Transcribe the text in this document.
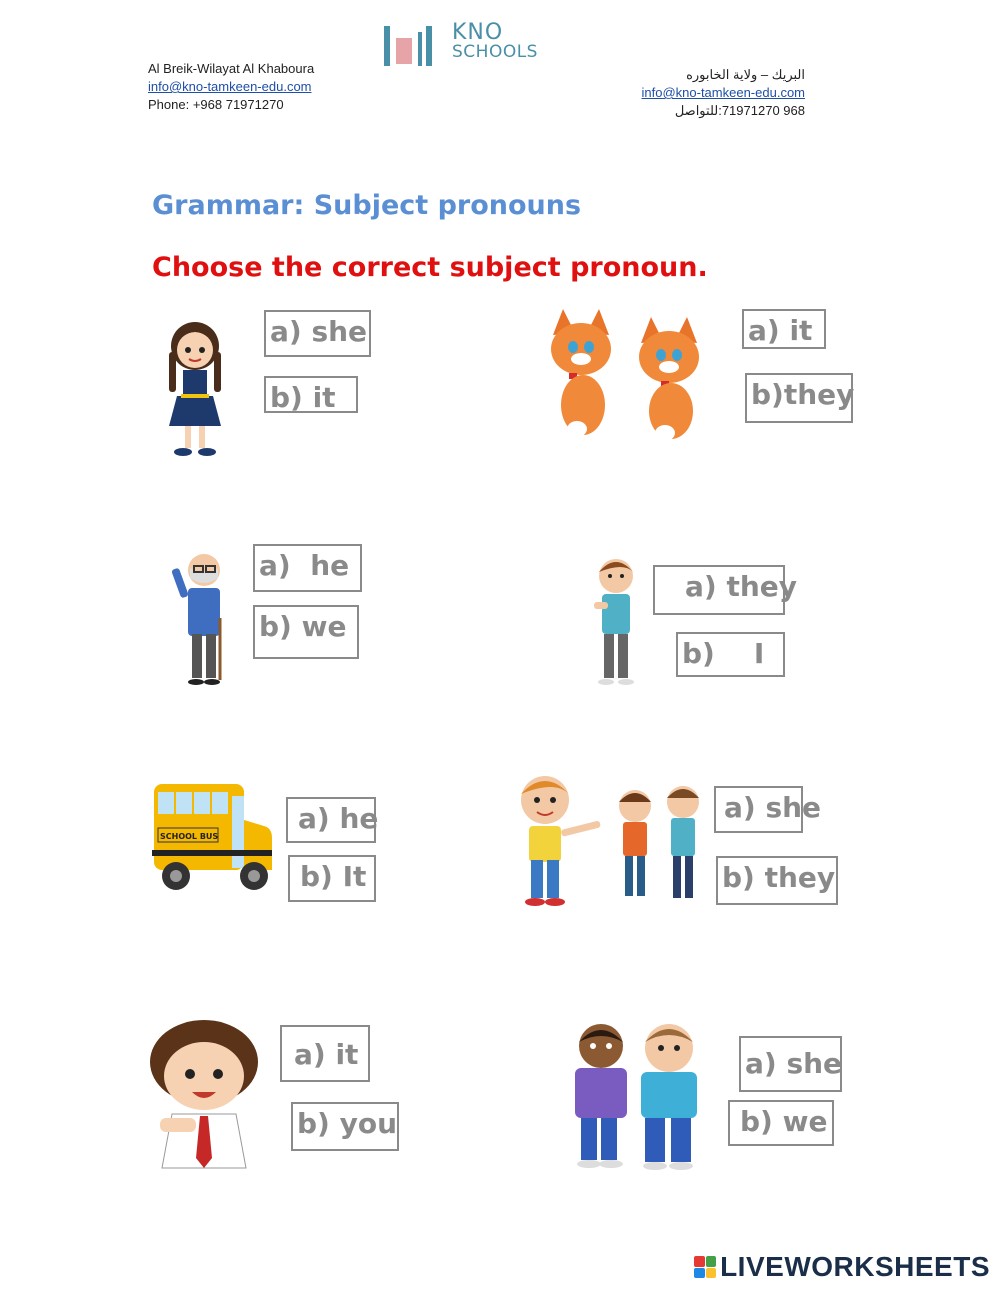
KNO
SCHOOLS
Al Breik-Wilayat Al Khaboura
info@kno-tamkeen-edu.com
Phone: +968 71971270
البريك – ولاية الخابوره
info@kno-tamkeen-edu.com
968 71971270:للتواصل
Grammar: Subject pronouns
Choose the correct subject pronoun.
a) she
b) it
a) it
b)they
a)  he
b) we
a) they
b)    I
SCHOOL BUS
a) he
b) It
a) she
b) they
a) it
b) you
a) she
b) we
LIVEWORKSHEETS
